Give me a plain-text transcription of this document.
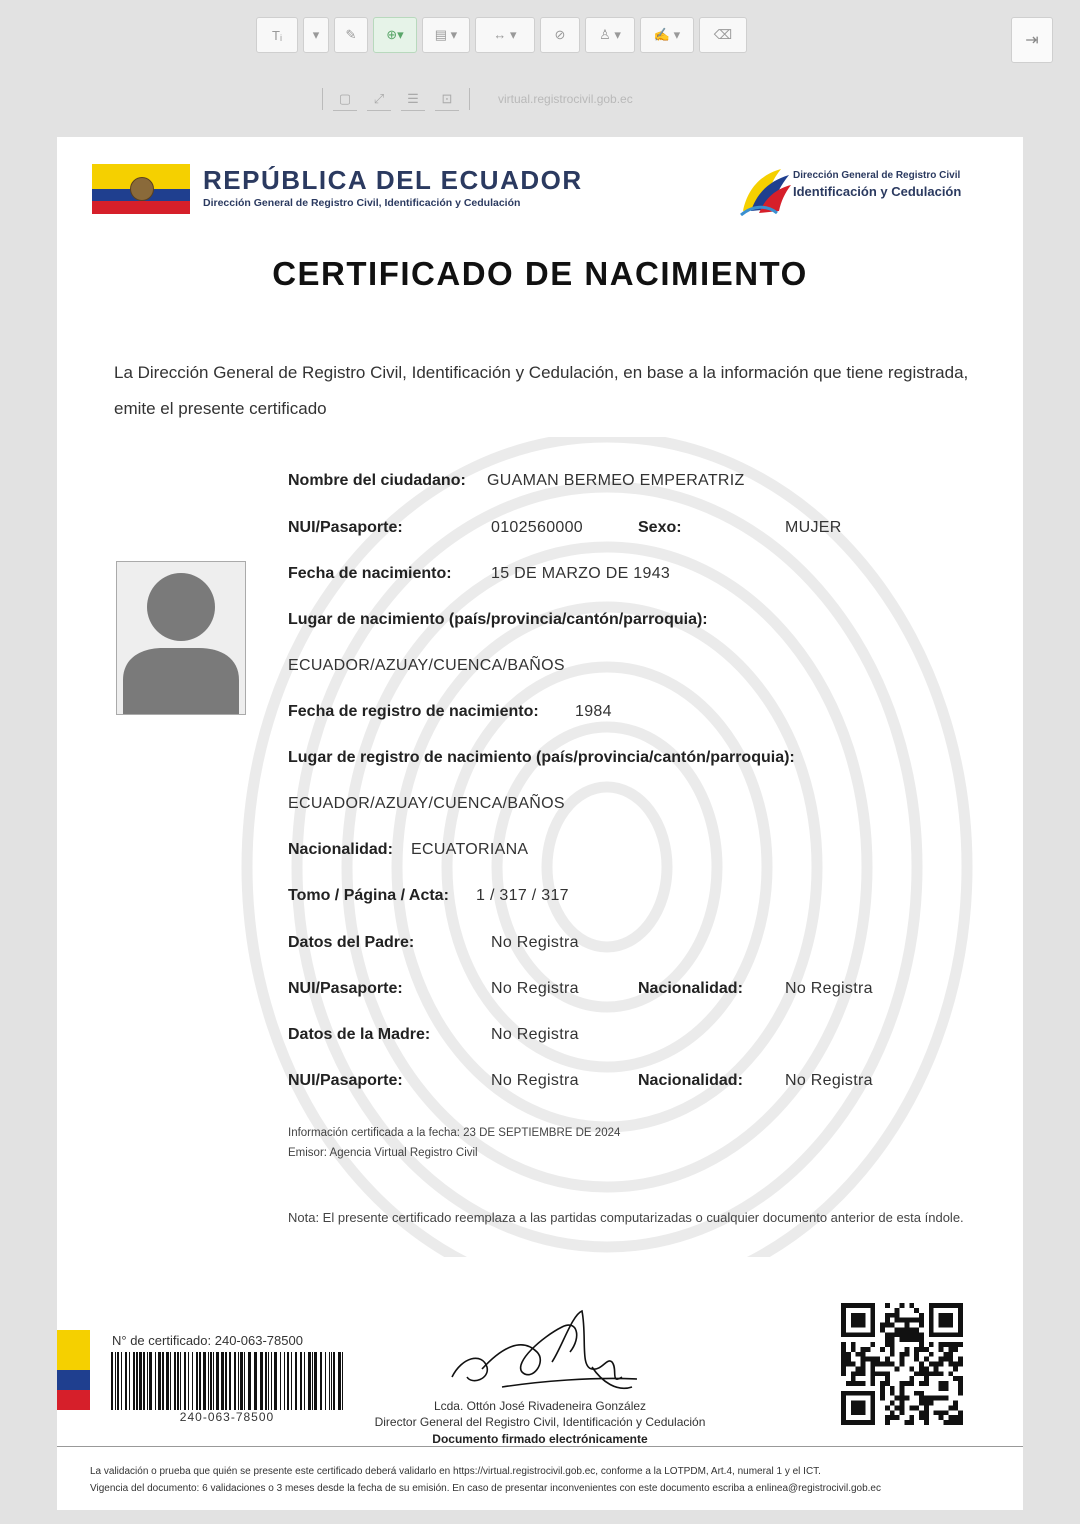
Tᵢ ▾ ✎ ⊕▾ ▤ ▾	↔ ▾	⊘	♙ ▾	✍ ▾	⌫	⇥
▢	⤢	☰	⊡	virtual.registrocivil.gob.ec
REPÚBLICA DEL ECUADOR
Dirección General de Registro Civil, Identificación y Cedulación
Dirección General de Registro Civil
Identificación y Cedulación
CERTIFICADO DE NACIMIENTO
La Dirección General de Registro Civil, Identificación y Cedulación, en base a la información que tiene registrada, emite el presente certificado
Nombre del ciudadano: GUAMAN BERMEO EMPERATRIZ
NUI/Pasaporte:	0102560000	Sexo:	MUJER
Fecha de nacimiento: 15 DE MARZO DE 1943
Lugar de nacimiento (país/provincia/cantón/parroquia):
ECUADOR/AZUAY/CUENCA/BAÑOS
Fecha de registro de nacimiento: 1984
Lugar de registro de nacimiento (país/provincia/cantón/parroquia):
ECUADOR/AZUAY/CUENCA/BAÑOS
Nacionalidad: ECUATORIANA
Tomo / Página / Acta: 1 / 317 / 317
Datos del Padre:	No Registra
NUI/Pasaporte:	No Registra	Nacionalidad:	No Registra
Datos de la Madre:	No Registra
NUI/Pasaporte:	No Registra	Nacionalidad:	No Registra
Información certificada a la fecha: 23 DE SEPTIEMBRE DE 2024
Emisor: Agencia Virtual Registro Civil
Nota: El presente certificado reemplaza a las partidas computarizadas o cualquier documento anterior de esta índole.
N° de certificado: 240-063-78500
240-063-78500
Lcda. Ottón José Rivadeneira González
Director General del Registro Civil, Identificación y Cedulación
Documento firmado electrónicamente
La validación o prueba que quién se presente este certificado deberá validarlo en https://virtual.registrocivil.gob.ec, conforme a la LOTPDM, Art.4, numeral 1 y el ICT.
Vigencia del documento: 6 validaciones o 3 meses desde la fecha de su emisión. En caso de presentar inconvenientes con este documento escriba a enlinea@registrocivil.gob.ec
